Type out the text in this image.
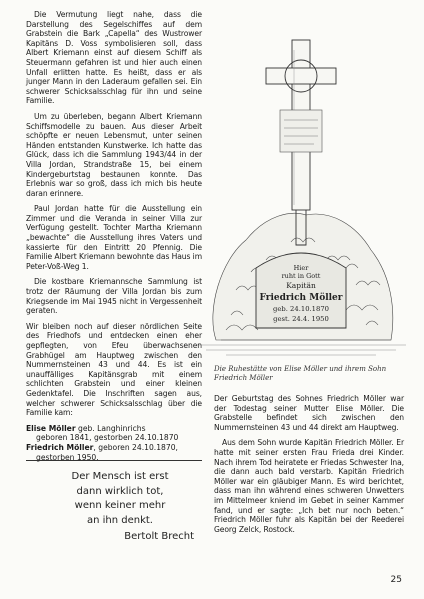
Die Vermutung liegt nahe, dass die Darstellung des Segelschiffes auf dem Grabstein die Bark „Capella“ des Wustrower Kapitäns D. Voss symbolisieren soll, dass Albert Kriemann einst auf diesem Schiff als Steuermann gefahren ist und hier auch einen Unfall erlitten hatte. Es heißt, dass er als junger Mann in den Laderaum gefallen sei. Ein schwerer Schicksalsschlag für ihn und seine Familie.

Um zu überleben, begann Albert Kriemann Schiffsmodelle zu bauen. Aus dieser Arbeit schöpfte er neuen Lebensmut, unter seinen Händen entstanden Kunstwerke. Ich hatte das Glück, dass ich die Sammlung 1943/44 in der Villa Jordan, Strandstraße 15, bei einem Kindergeburtstag bestaunen konnte. Das Erlebnis war so groß, dass ich mich bis heute daran erinnere.

Paul Jordan hatte für die Ausstellung ein Zimmer und die Veranda in seiner Villa zur Verfügung gestellt. Tochter Martha Kriemann „bewachte“ die Ausstellung ihres Vaters und kassierte für den Eintritt 20 Pfennig. Die Familie Albert Kriemann bewohnte das Haus im Peter-Voß-Weg 1.

Die kostbare Kriemannsche Sammlung ist trotz der Räumung der Villa Jordan bis zum Kriegsende im Mai 1945 nicht in Vergessenheit geraten.

Wir bleiben noch auf dieser nördlichen Seite des Friedhofs und entdecken einen eher gepflegten, von Efeu überwachsenen Grabhügel am Hauptweg zwischen den Nummernsteinen 43 und 44. Es ist ein unauffälliges Kapitänsgrab mit einem schlichten Grabstein und einer kleinen Gedenktafel. Die Inschriften sagen aus, welcher schwerer Schicksalsschlag über die Familie kam:

Elise Möller geb. Langhinrichs
geboren 1841, gestorben 24.10.1870
Friedrich Möller, geboren 24.10.1870,
gestorben 1950.
Hier
ruht in Gott
Kapitän
Friedrich Möller
geb. 24.10.1870
gest. 24.4. 1950
Die Ruhestätte von Elise Möller und ihrem Sohn Friedrich Möller

Der Geburtstag des Sohnes Friedrich Möller war der Todestag seiner Mutter Elise Möller. Die Grabstelle befindet sich zwischen den Nummernsteinen 43 und 44 direkt am Hauptweg.

Aus dem Sohn wurde Kapitän Friedrich Möller. Er hatte mit seiner ersten Frau Frieda drei Kinder. Nach ihrem Tod heiratete er Friedas Schwester Ina, die dann auch bald verstarb. Kapitän Friedrich Möller war ein gläubiger Mann. Es wird berichtet, dass man ihn während eines schweren Unwetters im Mittelmeer kniend im Gebet in seiner Kammer fand, und er sagte: „Ich bet nur noch beten.“ Friedrich Möller fuhr als Kapitän bei der Reederei Georg Zelck, Rostock.

Der Mensch ist erst
dann wirklich tot,
wenn keiner mehr
an ihn denkt.
Bertolt Brecht
25
